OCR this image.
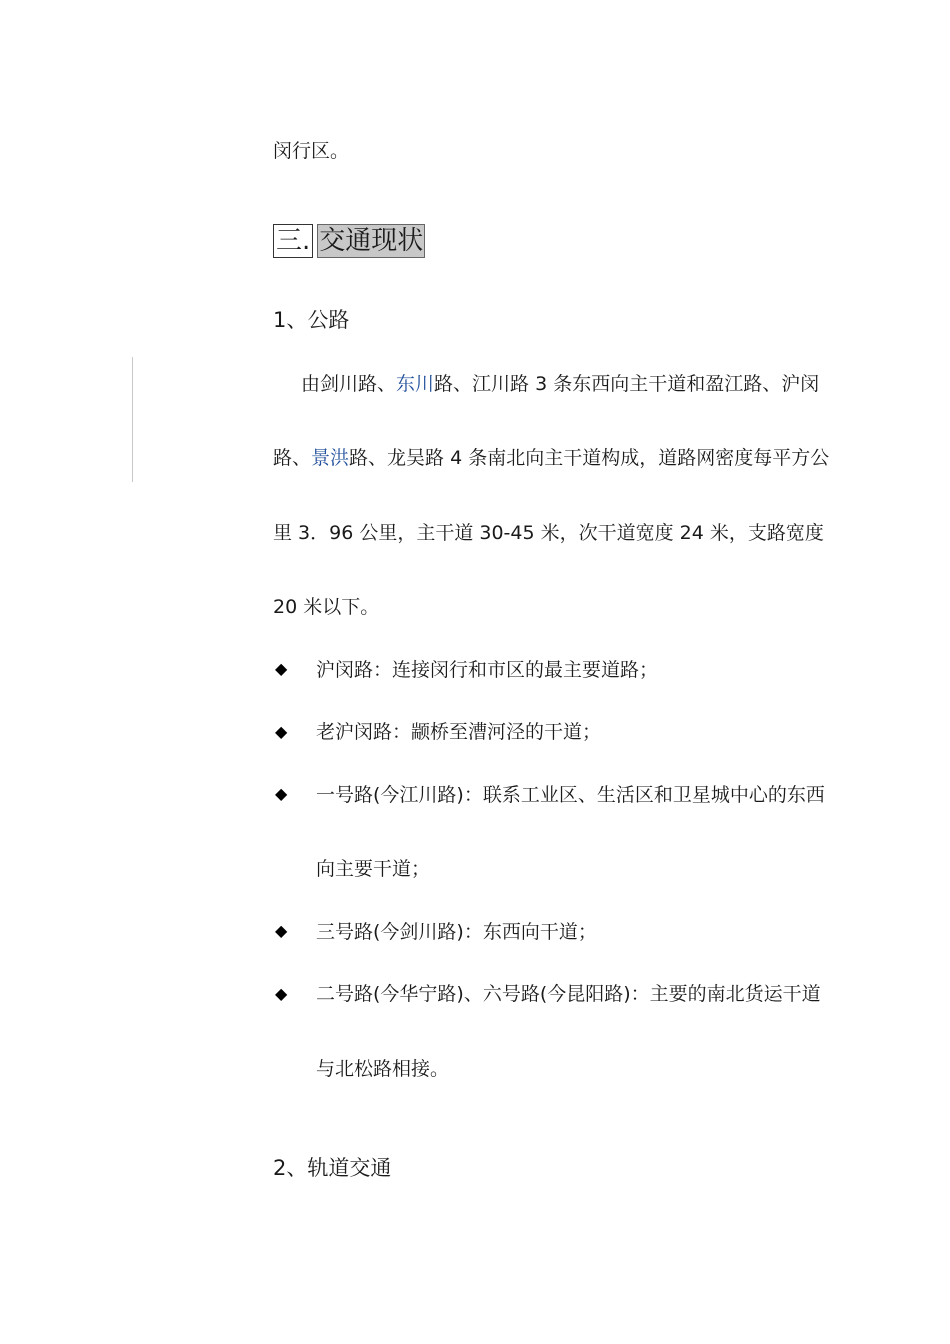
闵行区。
三. 交通现状
1、公路
由剑川路、东川路、江川路 3 条东西向主干道和盈江路、沪闵
路、景洪路、龙吴路 4 条南北向主干道构成，道路网密度每平方公
里 3．96 公里，主干道 30-45 米，次干道宽度 24 米，支路宽度
20 米以下。
◆ 沪闵路：连接闵行和市区的最主要道路；
◆ 老沪闵路：颛桥至漕河泾的干道；
◆ 一号路(今江川路)：联系工业区、生活区和卫星城中心的东西
向主要干道；
◆ 三号路(今剑川路)：东西向干道；
◆ 二号路(今华宁路)、六号路(今昆阳路)：主要的南北货运干道
与北松路相接。
2、轨道交通
